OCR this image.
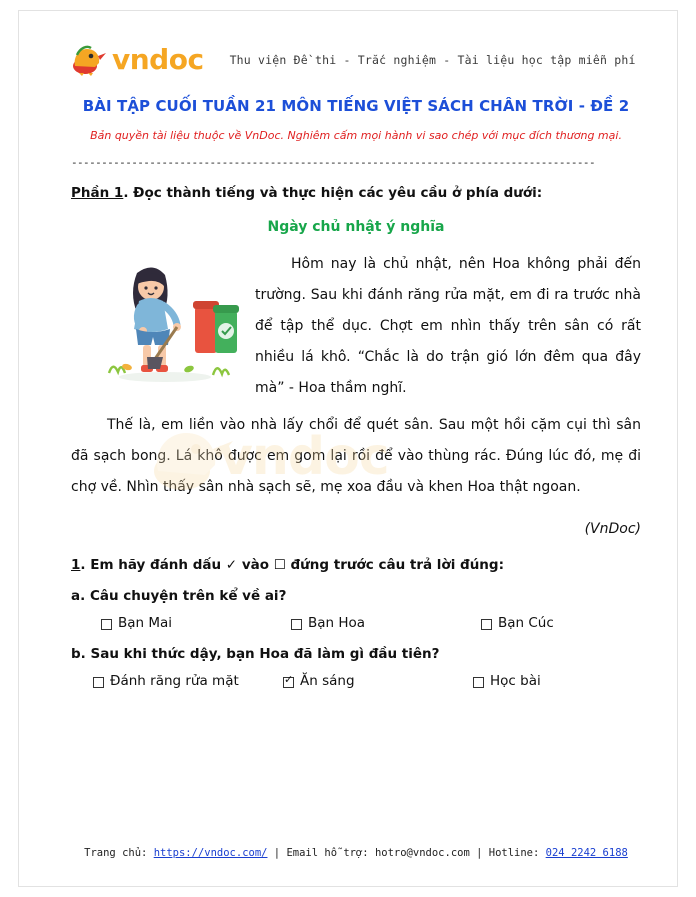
vndoc Thu viện Đề thi - Trắc nghiệm - Tài liệu học tập miễn phí
BÀI TẬP CUỐI TUẦN 21 MÔN TIẾNG VIỆT SÁCH CHÂN TRỜI - ĐỀ 2
Bản quyền tài liệu thuộc về VnDoc. Nghiêm cấm mọi hành vi sao chép với mục đích thương mại.
---------------------------------------------------------------------------------------
Phần 1. Đọc thành tiếng và thực hiện các yêu cầu ở phía dưới:
Ngày chủ nhật ý nghĩa

Hôm nay là chủ nhật, nên Hoa không phải đến trường. Sau khi đánh răng rửa mặt, em đi ra trước nhà để tập thể dục. Chợt em nhìn thấy trên sân có rất nhiều lá khô. “Chắc là do trận gió lớn đêm qua đây mà” - Hoa thầm nghĩ.

Thế là, em liền vào nhà lấy chổi để quét sân. Sau một hồi cặm cụi thì sân đã sạch bong. Lá khô được em gom lại rồi để vào thùng rác. Đúng lúc đó, mẹ đi chợ về. Nhìn thấy sân nhà sạch sẽ, mẹ xoa đầu và khen Hoa thật ngoan.

(VnDoc)
1. Em hãy đánh dấu ✓ vào ☐ đứng trước câu trả lời đúng:
a. Câu chuyện trên kể về ai?
Bạn Mai	Bạn Hoa	Bạn Cúc
b. Sau khi thức dậy, bạn Hoa đã làm gì đầu tiên?
Đánh răng rửa mặt ✓	Ăn sáng	Học bài
vndoc
Trang chủ: https://vndoc.com/ | Email hỗ trợ: hotro@vndoc.com | Hotline: 024 2242 6188
